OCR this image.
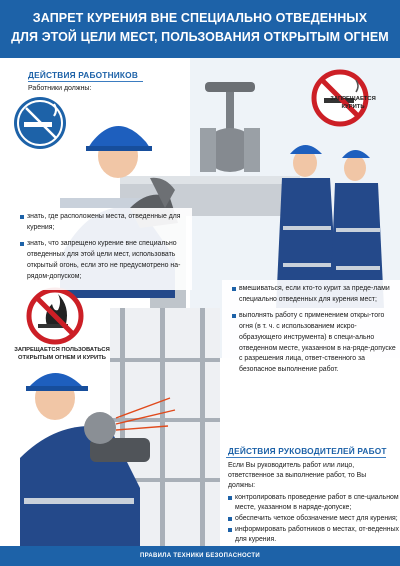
ЗАПРЕТ КУРЕНИЯ ВНЕ СПЕЦИАЛЬНО ОТВЕДЕННЫХ
ДЛЯ ЭТОЙ ЦЕЛИ МЕСТ, ПОЛЬЗОВАНИЯ ОТКРЫТЫМ ОГНЕМ
ДЕЙСТВИЯ РАБОТНИКОВ
Работники должны:
знать, где расположены места, отведенные для курения;
знать, что запрещено курение вне специально отведенных для этой цели мест, использовать открытый огонь, если это не предусмотрено на-рядом-допуском;
ЗАПРЕЩАЕТСЯ КУРИТЬ
ЗАПРЕЩАЕТСЯ ПОЛЬЗОВАТЬСЯ
ОТКРЫТЫМ ОГНЕМ И КУРИТЬ
вмешиваться, если кто-то курит за преде-лами специально отведенных для курения мест;
выполнять работу с применением откры-того огня (в т. ч. с использованием искро-образующего инструмента) в специ-ально отведенном месте, указанном в на-ряде-допуске с разрешения лица, ответ-ственного за безопасное выполнение работ.
ДЕЙСТВИЯ РУКОВОДИТЕЛЕЙ РАБОТ
Если Вы руководитель работ или лицо, ответственное за выполнение работ, то Вы должны:
контролировать проведение работ в спе-циальном месте, указанном в наряде-допуске;
обеспечить четкое обозначение мест для курения;
информировать работников о местах, от-веденных для курения.
ПРАВИЛА ТЕХНИКИ БЕЗОПАСНОСТИ
